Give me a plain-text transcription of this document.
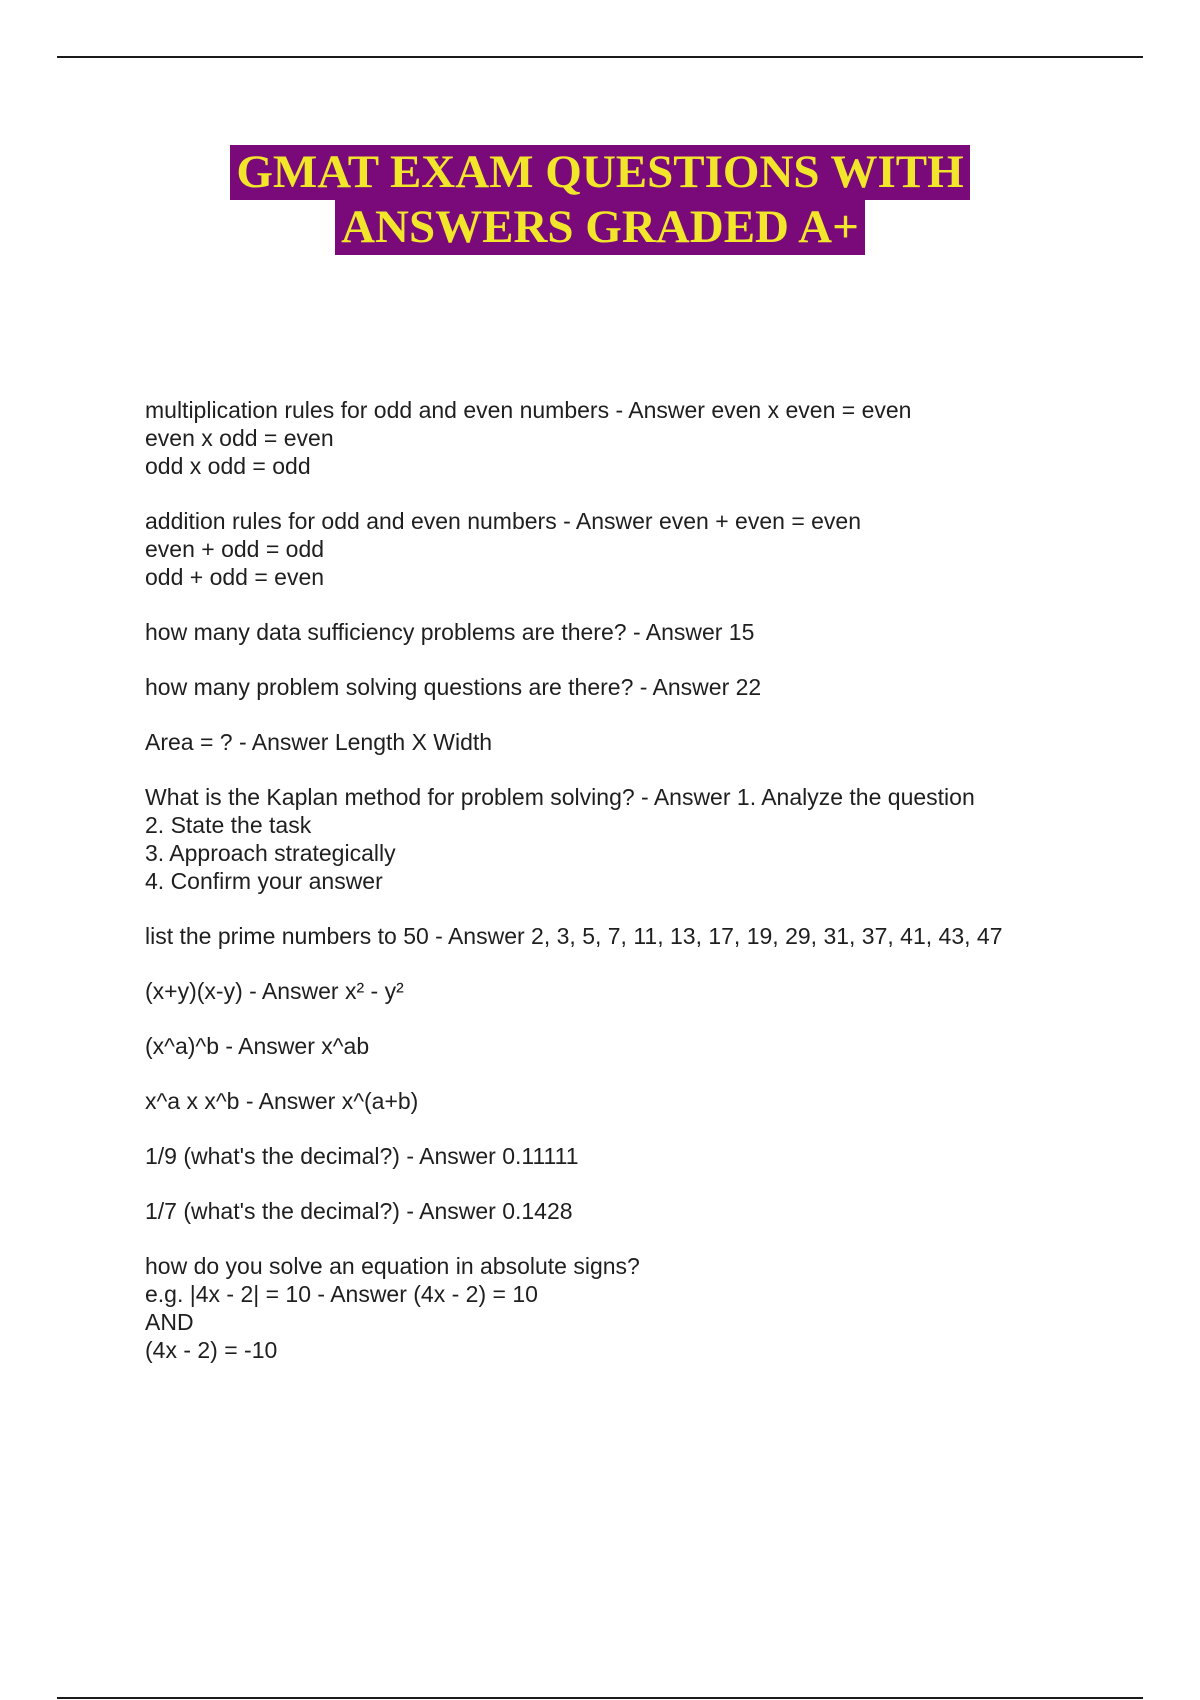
GMAT EXAM QUESTIONS WITH
ANSWERS GRADED A+
multiplication rules for odd and even numbers - Answer even x even = even
even x odd = even
odd x odd = odd
addition rules for odd and even numbers - Answer even + even = even
even + odd = odd
odd + odd = even
how many data sufficiency problems are there? - Answer 15
how many problem solving questions are there? - Answer 22
Area = ? - Answer Length X Width
What is the Kaplan method for problem solving? - Answer 1. Analyze the question
2. State the task
3. Approach strategically
4. Confirm your answer
list the prime numbers to 50 - Answer 2, 3, 5, 7, 11, 13, 17, 19, 29, 31, 37, 41, 43, 47
(x+y)(x-y) - Answer x² - y²
(x^a)^b - Answer x^ab
x^a x x^b - Answer x^(a+b)
1/9 (what's the decimal?) - Answer 0.11111
1/7 (what's the decimal?) - Answer 0.1428
how do you solve an equation in absolute signs?
e.g. |4x - 2| = 10 - Answer (4x - 2) = 10
AND
(4x - 2) = -10
